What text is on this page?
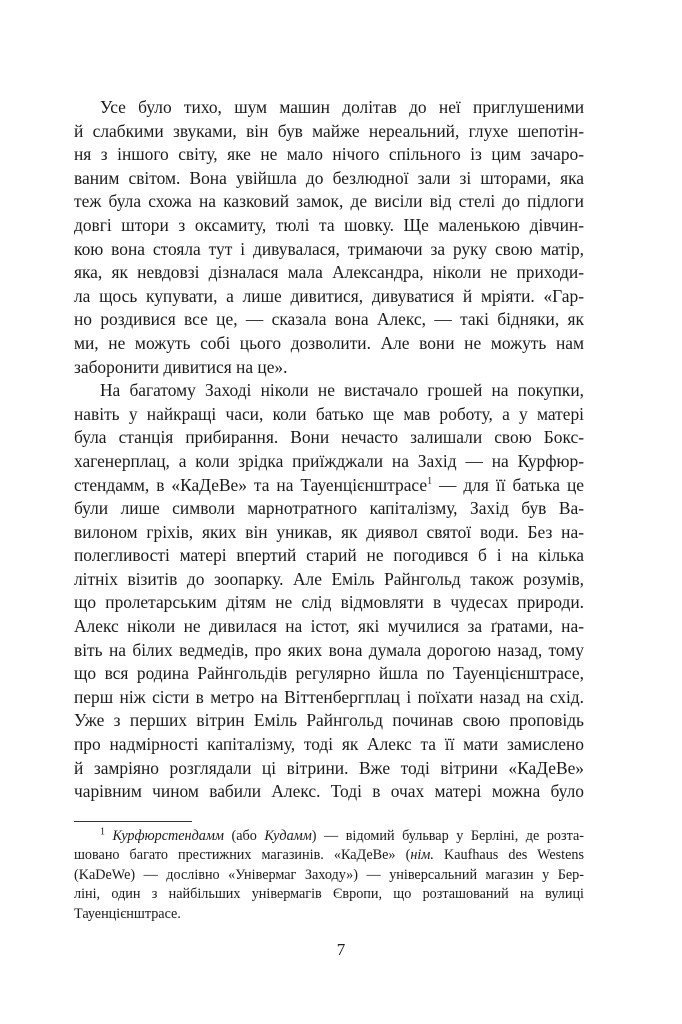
Усе було тихо, шум машин долітав до неї приглушеними
й слабкими звуками, він був майже нереальний, глухе шепотін-
ня з іншого світу, яке не мало нічого спільного із цим зачаро-
ваним світом. Вона увійшла до безлюдної зали зі шторами, яка
теж була схожа на казковий замок, де висіли від стелі до підлоги
довгі штори з оксамиту, тюлі та шовку. Ще маленькою дівчин-
кою вона стояла тут і дивувалася, тримаючи за руку свою матір,
яка, як невдовзі дізналася мала Александра, ніколи не приходи-
ла щось купувати, а лише дивитися, дивуватися й мріяти. «Гар-
но роздивися все це, — сказала вона Алекс, — такі бідняки, як
ми, не можуть собі цього дозволити. Але вони не можуть нам
заборонити дивитися на це».
На багатому Заході ніколи не вистачало грошей на покупки,
навіть у найкращі часи, коли батько ще мав роботу, а у матері
була станція прибирання. Вони нечасто залишали свою Бокс-
хагенерплац, а коли зрідка приїжджали на Захід — на Курфюр-
стендамм, в «КаДеВе» та на Тауенцієнштрасе$^1$ — для її батька це
були лише символи марнотратного капіталізму, Захід був Ва-
вилоном гріхів, яких він уникав, як диявол святої води. Без на-
полегливості матері впертий старий не погодився б і на кілька
літніх візитів до зоопарку. Але Еміль Райнгольд також розумів,
що пролетарським дітям не слід відмовляти в чудесах природи.
Алекс ніколи не дивилася на істот, які мучилися за ґратами, на-
віть на білих ведмедів, про яких вона думала дорогою назад, тому
що вся родина Райнгольдів регулярно йшла по Тауенцієнштрасе,
перш ніж сісти в метро на Віттенбергплац і поїхати назад на схід.
Уже з перших вітрин Еміль Райнгольд починав свою проповідь
про надмірності капіталізму, тоді як Алекс та її мати замислено
й замріяно розглядали ці вітрини. Вже тоді вітрини «КаДеВе»
чарівним чином вабили Алекс. Тоді в очах матері можна було
$^1$ Курфюрстендамм (або Кудамм) — відомий бульвар у Берліні, де розта-
шовано багато престижних магазинів. «КаДеВе» (нім. Kaufhaus des Westens
(KaDeWe) — дослівно «Універмаг Заходу») — універсальний магазин у Бер-
ліні, один з найбільших універмагів Європи, що розташований на вулиці
Тауенцієнштрасе.
7
